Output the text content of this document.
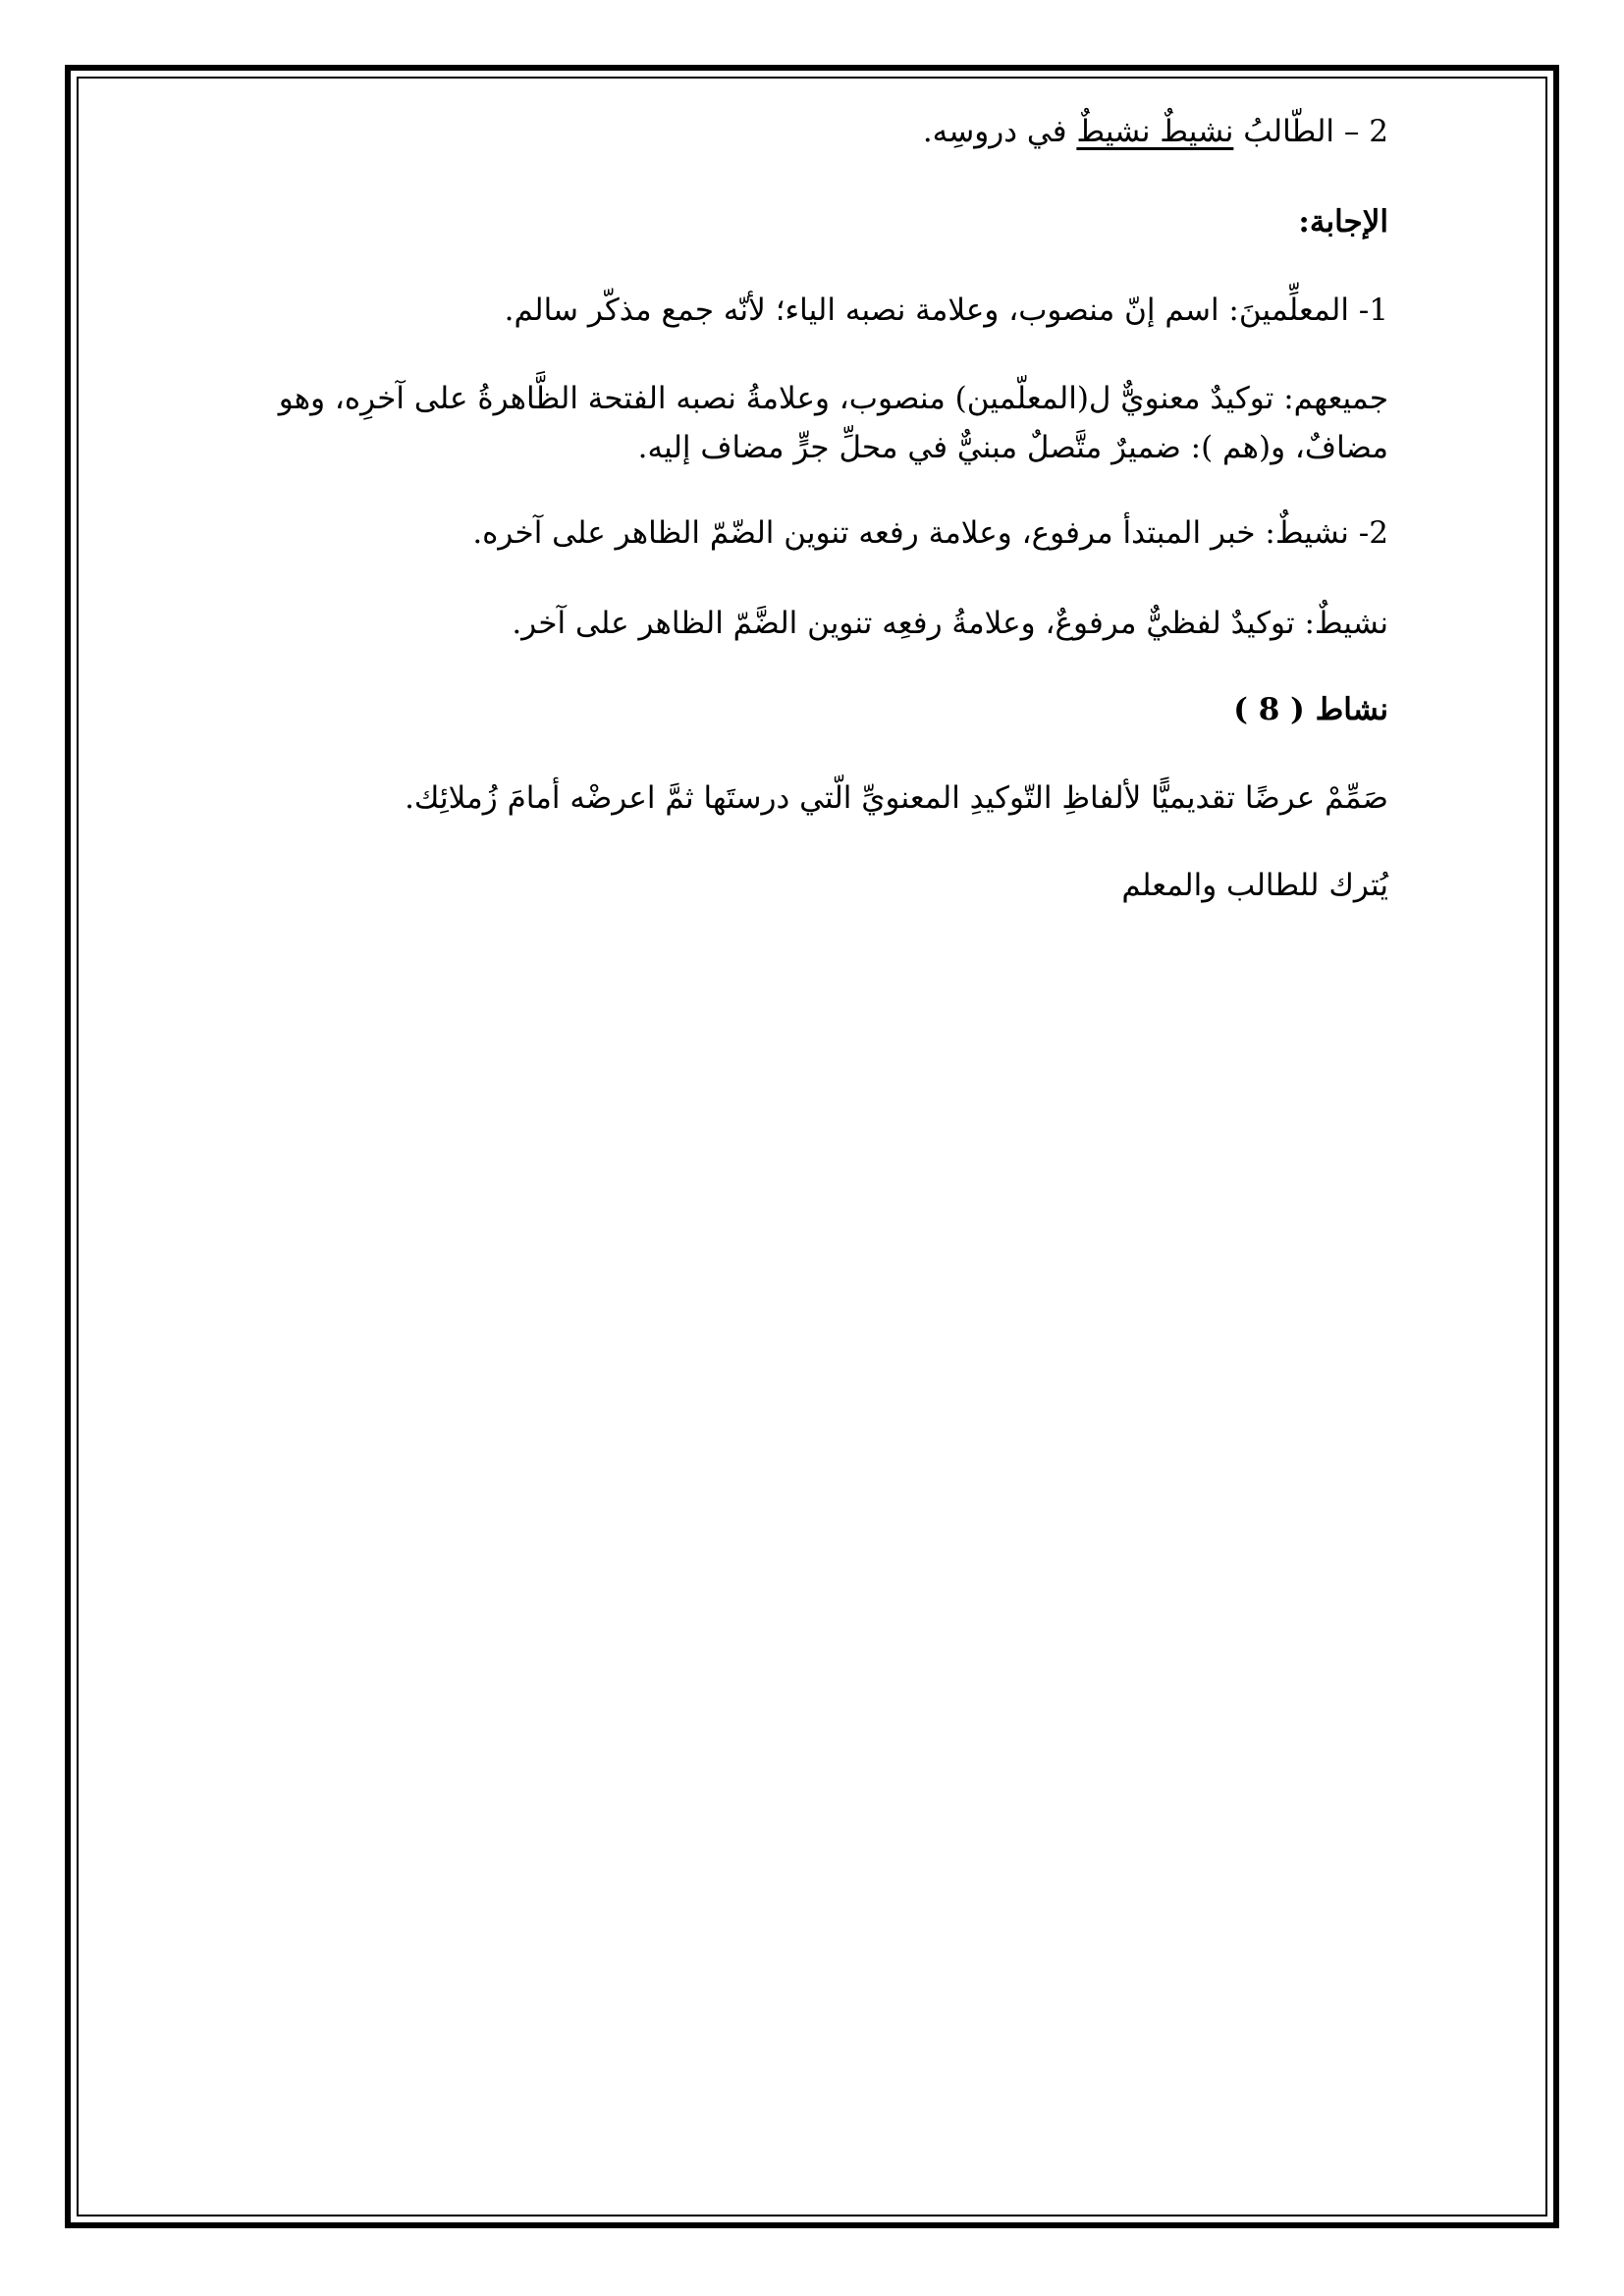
2 – الطّالبُ نشيطٌ نشيطٌ في دروسِه.

الإجابة:

1- المعلِّمينَ: اسم إنّ منصوب، وعلامة نصبه الياء؛ لأنّه جمع مذكّر سالم.

جميعهم: توكيدٌ معنويٌّ ل(المعلّمين) منصوب، وعلامةُ نصبه الفتحة الظَّاهرةُ على آخرِه، وهو مضافٌ، و(هم ): ضميرٌ متَّصلٌ مبنيٌّ في محلِّ جرٍّ مضاف إليه.

2- نشيطٌ: خبر المبتدأ مرفوع، وعلامة رفعه تنوين الضّمّ الظاهر على آخره.

نشيطٌ: توكيدٌ لفظيٌّ مرفوعٌ، وعلامةُ رفعِه تنوين الضَّمّ الظاهر على آخر.

نشاط ( 8 )

صَمِّمْ عرضًا تقديميًّا لألفاظِ التّوكيدِ المعنويِّ الّتي درستَها ثمَّ اعرضْه أمامَ زُملائِك.

يُترك للطالب والمعلم
